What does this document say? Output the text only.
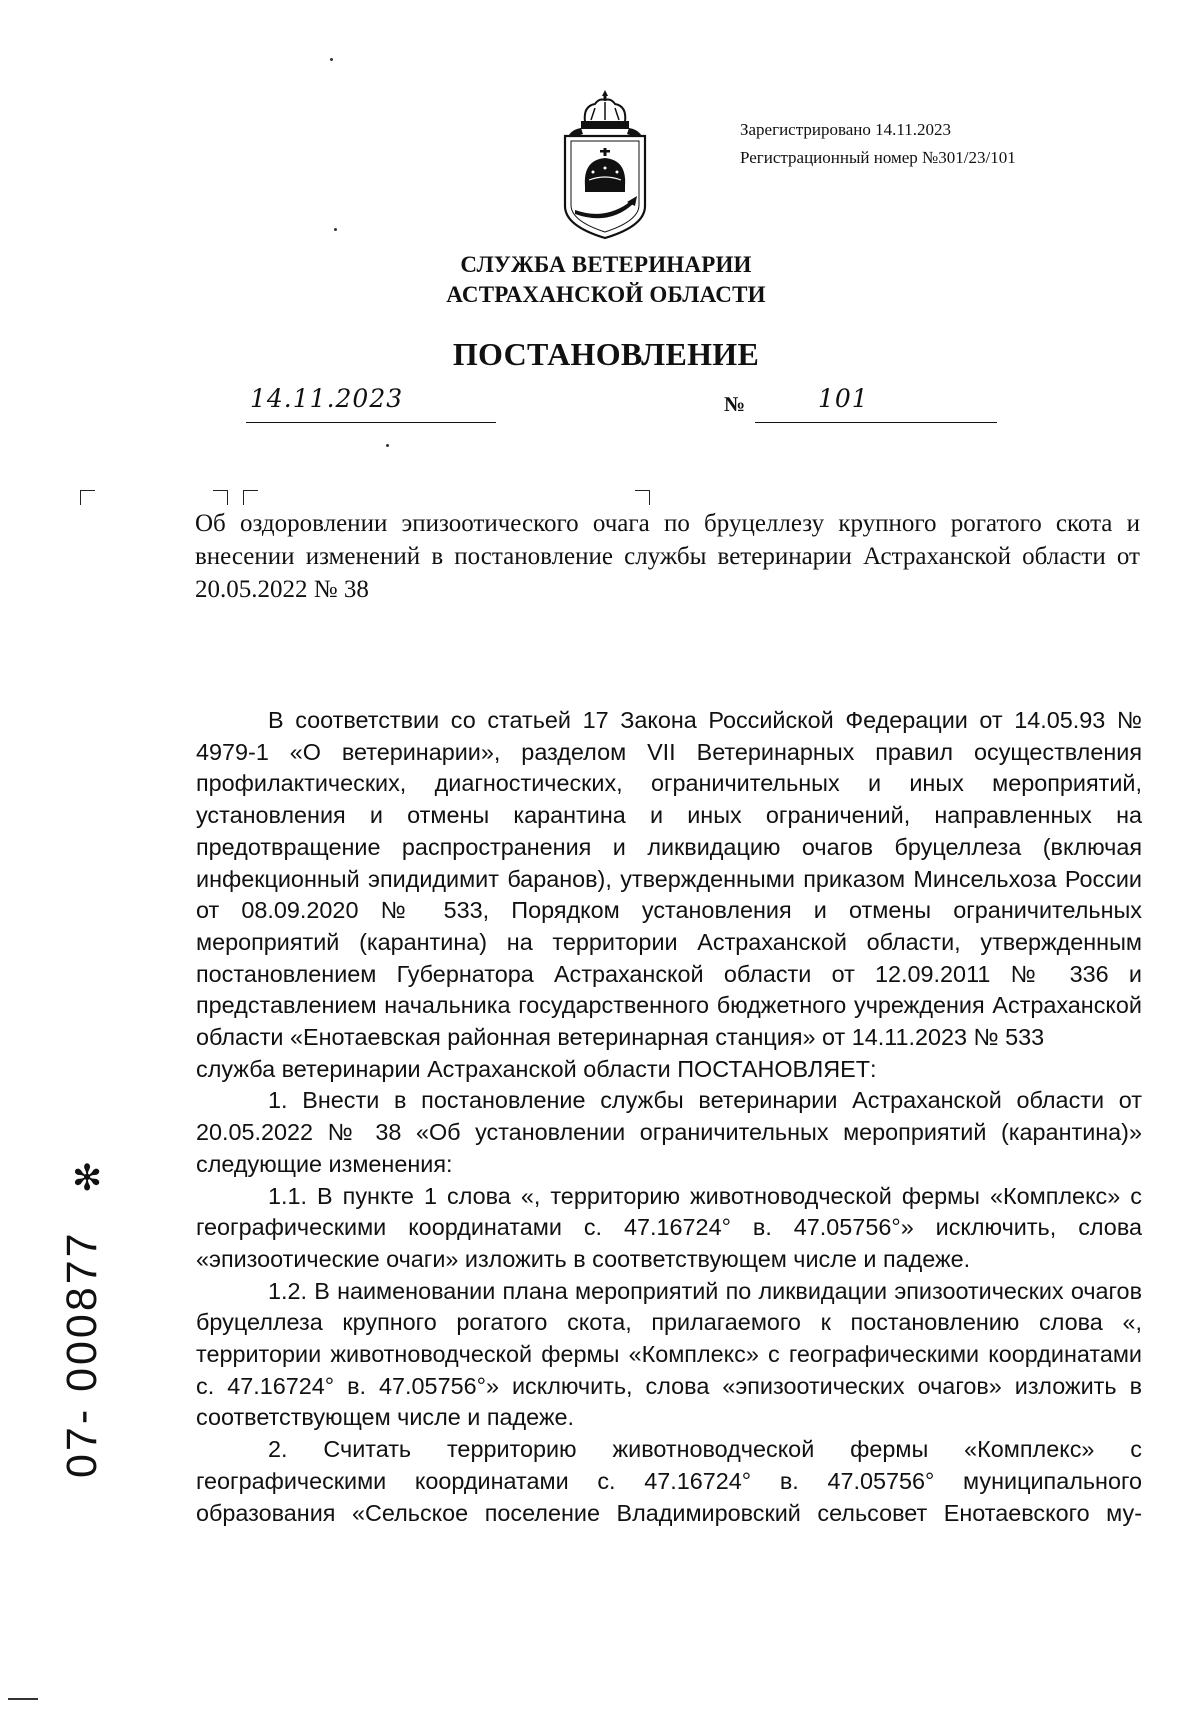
Зарегистрировано 14.11.2023
Регистрационный номер №301/23/101
СЛУЖБА ВЕТЕРИНАРИИ
АСТРАХАНСКОЙ ОБЛАСТИ
ПОСТАНОВЛЕНИЕ
14.11.2023	№	101
Об оздоровлении эпизоотического очага по бруцеллезу крупного рогатого скота и внесении изменений в постановление службы ветеринарии Астраханской области от 20.05.2022 № 38

В соответствии со статьей 17 Закона Российской Федерации от 14.05.93 № 4979-1 «О ветеринарии», разделом VII Ветеринарных правил осуществления профилактических, диагностических, ограничительных и иных мероприятий, установления и отмены карантина и иных ограничений, направленных на предотвращение распространения и ликвидацию очагов бруцеллеза (включая инфекционный эпидидимит баранов), утвержденными приказом Минсельхоза России от 08.09.2020 № 533, Порядком установления и отмены ограничительных мероприятий (карантина) на территории Астраханской области, утвержденным постановлением Губернатора Астраханской области от 12.09.2011 № 336 и представлением начальника государственного бюджетного учреждения Астраханской области «Енотаевская районная ветеринарная станция» от 14.11.2023 № 533

служба ветеринарии Астраханской области ПОСТАНОВЛЯЕТ:

1. Внести в постановление службы ветеринарии Астраханской области от 20.05.2022 № 38 «Об установлении ограничительных мероприятий (карантина)» следующие изменения:

1.1. В пункте 1 слова «, территорию животноводческой фермы «Комплекс» с географическими координатами с. 47.16724° в. 47.05756°» исключить, слова «эпизоотические очаги» изложить в соответствующем числе и падеже.

1.2. В наименовании плана мероприятий по ликвидации эпизоотических очагов бруцеллеза крупного рогатого скота, прилагаемого к постановлению слова «, территории животноводческой фермы «Комплекс» с географическими координатами с. 47.16724° в. 47.05756°» исключить, слова «эпизоотических очагов» изложить в соответствующем числе и падеже.

2. Считать территорию животноводческой фермы «Комплекс» с географическими координатами с. 47.16724° в. 47.05756° муниципального образования «Сельское поселение Владимировский сельсовет Енотаевского му-

✻
07- 000877
